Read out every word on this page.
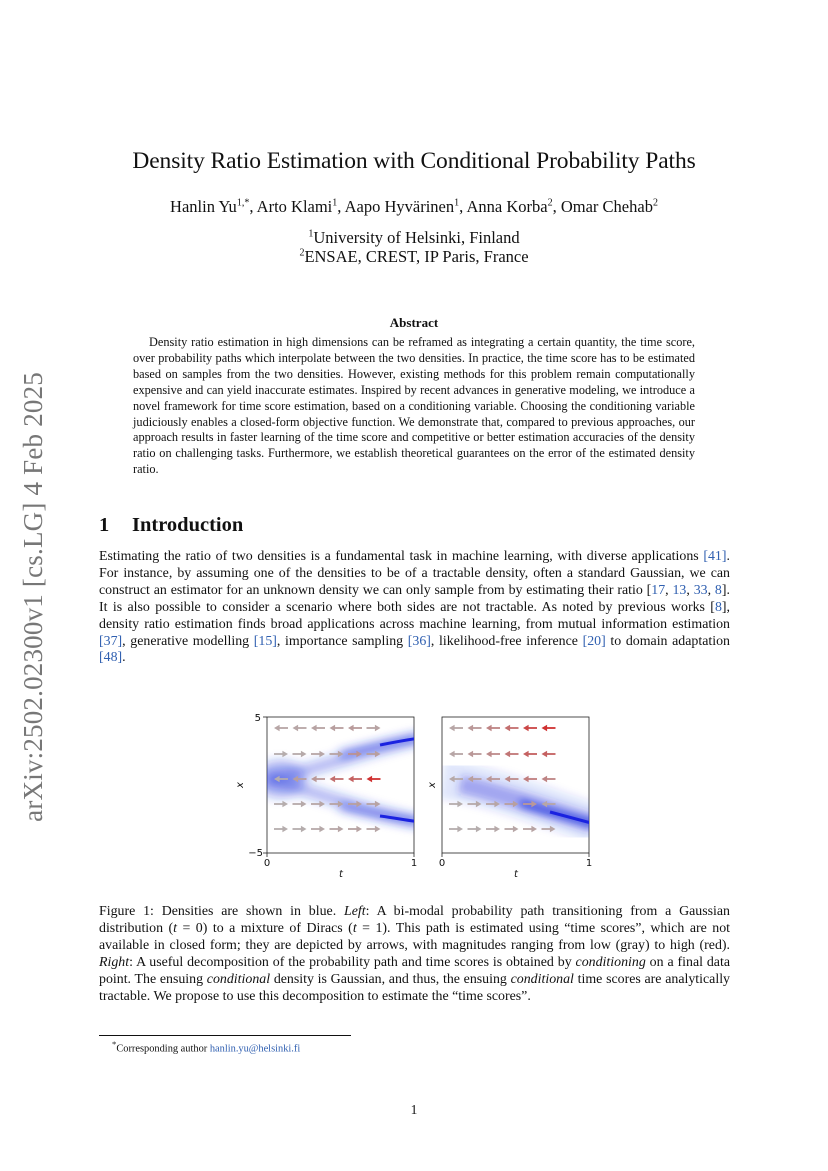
arXiv:2502.02300v1 [cs.LG] 4 Feb 2025
Density Ratio Estimation with Conditional Probability Paths
Hanlin $Yu^{1,*}$, Arto Klami$^1$, Aapo Hyvärinen$^1$, Anna Korba$^2$, Omar Chehab$^2$
$^1$University of Helsinki, Finland
$^2$ENSAE, CREST, IP Paris, France
Abstract
Density ratio estimation in high dimensions can be reframed as integrating a certain quantity, the time score, over probability paths which interpolate between the two densities. In practice, the time score has to be estimated based on samples from the two densities. However, existing methods for this problem remain computationally expensive and can yield inaccurate estimates. Inspired by recent advances in generative modeling, we introduce a novel framework for time score estimation, based on a conditioning variable. Choosing the conditioning variable judiciously enables a closed-form objective function. We demonstrate that, compared to previous approaches, our approach results in faster learning of the time score and competitive or better estimation accuracies of the density ratio on challenging tasks. Furthermore, we establish theoretical guarantees on the error of the estimated density ratio.
1 Introduction
Estimating the ratio of two densities is a fundamental task in machine learning, with diverse applications [41]. For instance, by assuming one of the densities to be of a tractable density, often a standard Gaussian, we can construct an estimator for an unknown density we can only sample from by estimating their ratio [17, 13, 33, 8]. It is also possible to consider a scenario where both sides are not tractable. As noted by previous works [8], density ratio estimation finds broad applications across machine learning, from mutual information estimation [37], generative modelling [15], importance sampling [36], likelihood-free inference [20] to domain adaptation [48].
5
−5
0	1
t
x
0	1
t
x
Figure 1: Densities are shown in blue. Left: A bi-modal probability path transitioning from a Gaussian distribution (t = 0) to a mixture of Diracs (t = 1). This path is estimated using “time scores”, which are not available in closed form; they are depicted by arrows, with magnitudes ranging from low (gray) to high (red). Right: A useful decomposition of the probability path and time scores is obtained by conditioning on a final data point. The ensuing conditional density is Gaussian, and thus, the ensuing conditional time scores are analytically tractable. We propose to use this decomposition to estimate the “time scores”.
*Corresponding author hanlin.yu@helsinki.fi
1
